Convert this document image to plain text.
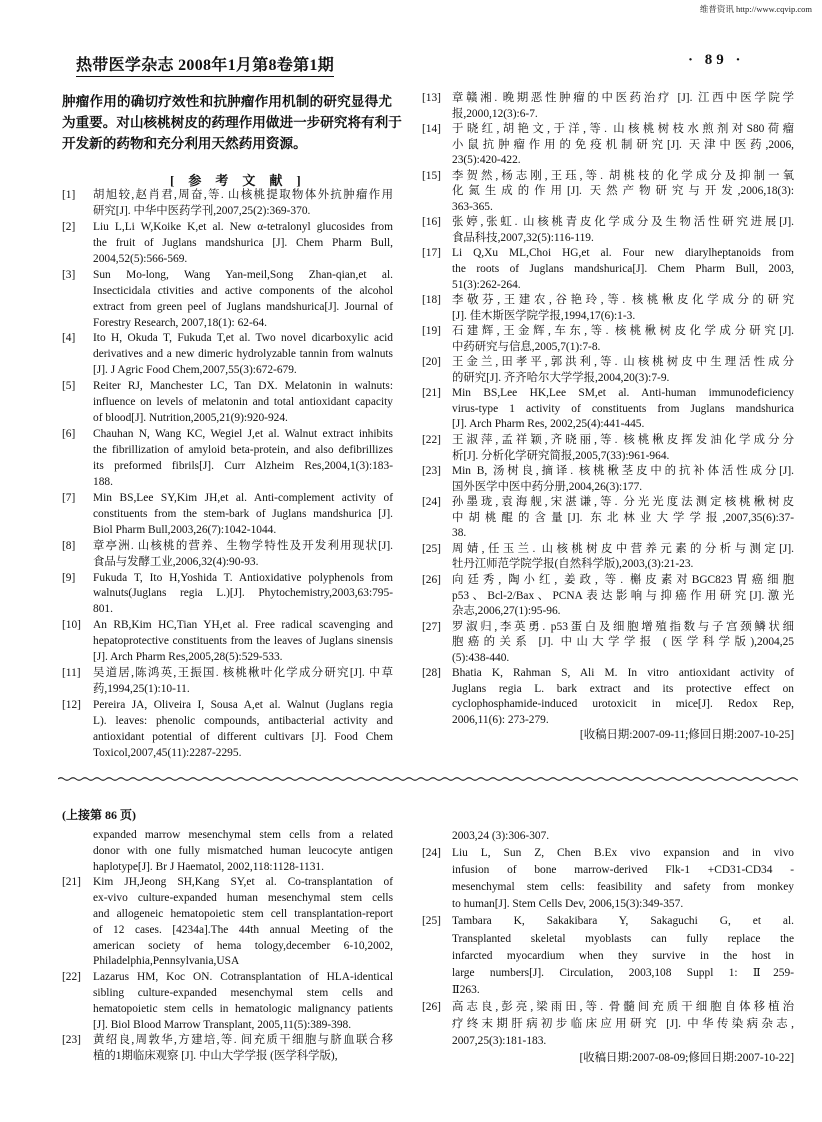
维普资讯 http://www.cqvip.com
热带医学杂志 2008年1月第8卷第1期	· 89 ·
肿瘤作用的确切疗效性和抗肿瘤作用机制的研究显得尤
为重要。对山核桃树皮的药理作用做进一步研究将有利于
开发新的药物和充分利用天然药用资源。
[参考文献]
[1] 胡旭较,赵肖君,周奋,等. 山核桃提取物体外抗肿瘤作用
研究[J]. 中华中医药学刊,2007,25(2):369-370.
[2] Liu L,Li W,Koike K,et al. New α-tetralonyl glucosides from
the fruit of Juglans mandshurica [J]. Chem Pharm Bull,
2004,52(5):566-569.
[3] Sun Mo-long, Wang Yan-meil,Song Zhan-qian,et al.
Insecticidala ctivities and active components of the alcohol
extract from green peel of Juglans mandshurica[J]. Journal of
Forestry Research, 2007,18(1): 62-64.
[4] Ito H, Okuda T, Fukuda T,et al. Two novel dicarboxylic acid
derivatives and a new dimeric hydrolyzable tannin from walnuts
[J]. J Agric Food Chem,2007,55(3):672-679.
[5] Reiter RJ, Manchester LC, Tan DX. Melatonin in walnuts:
influence on levels of melatonin and total antioxidant capacity
of blood[J]. Nutrition,2005,21(9):920-924.
[6] Chauhan N, Wang KC, Wegiel J,et al. Walnut extract inhibits
the fibrillization of amyloid beta-protein, and also defibrillizes
its preformed fibrils[J]. Curr Alzheim Res,2004,1(3):183-
188.
[7] Min BS,Lee SY,Kim JH,et al. Anti-complement activity of
constituents from the stem-bark of Juglans mandshurica [J].
Biol Pharm Bull,2003,26(7):1042-1044.
[8] 章亭洲. 山核桃的营养、生物学特性及开发利用现状[J].
食品与发酵工业,2006,32(4):90-93.
[9] Fukuda T, Ito H,Yoshida T. Antioxidative polyphenols from
walnuts(Juglans regia L.)[J]. Phytochemistry,2003,63:795-
801.
[10] An RB,Kim HC,Tian YH,et al. Free radical scavenging and
hepatoprotective constituents from the leaves of Juglans sinensis
[J]. Arch Pharm Res,2005,28(5):529-533.
[11] 吴道居,陈鸿英,王振国. 核桃楸叶化学成分研究[J]. 中草
药,1994,25(1):10-11.
[12] Pereira JA, Oliveira I, Sousa A,et al. Walnut (Juglans regia
L). leaves: phenolic compounds, antibacterial activity and
antioxidant potential of different cultivars [J]. Food Chem
Toxicol,2007,45(11):2287-2295.
[13] 章赣湘. 晚期恶性肿瘤的中医药治疗 [J]. 江西中医学院学
报,2000,12(3):6-7.
[14] 于晓红,胡艳文,于洋,等. 山核桃树枝水煎剂对S80荷瘤
小鼠抗肿瘤作用的免疫机制研究[J]. 天津中医药,2006,
23(5):420-422.
[15] 李贺然,杨志刚,王珏,等. 胡桃枝的化学成分及抑制一氧
化氮生成的作用[J]. 天然产物研究与开发,2006,18(3):
363-365.
[16] 张婷,张虹. 山核桃青皮化学成分及生物活性研究进展[J].
食品科技,2007,32(5):116-119.
[17] Li Q,Xu ML,Choi HG,et al. Four new diarylheptanoids from
the roots of Juglans mandshurica[J]. Chem Pharm Bull, 2003,
51(3):262-264.
[18] 李敬芬,王建农,谷艳玲,等. 核桃楸皮化学成分的研究
[J]. 佳木斯医学院学报,1994,17(6):1-3.
[19] 石建辉,王金辉,车东,等. 核桃楸树皮化学成分研究[J].
中药研究与信息,2005,7(1):7-8.
[20] 王金兰,田孝平,郭洪利,等. 山核桃树皮中生理活性成分
的研究[J]. 齐齐哈尔大学学报,2004,20(3):7-9.
[21] Min BS,Lee HK,Lee SM,et al. Anti-human immunodeficiency
virus-type 1 activity of constituents from Juglans mandshurica
[J]. Arch Pharm Res, 2002,25(4):441-445.
[22] 王淑萍,孟祥颖,齐晓丽,等. 核桃楸皮挥发油化学成分分
析[J]. 分析化学研究简报,2005,7(33):961-964.
[23] Min B, 汤树良,摘译. 核桃楸茎皮中的抗补体活性成分[J].
国外医学中医中药分册,2004,26(3):177.
[24] 孙墨珑,袁海舰,宋湛谦,等. 分光光度法测定核桃楸树皮
中胡桃醌的含量[J]. 东北林业大学学报,2007,35(6):37-
38.
[25] 周婧,任玉兰. 山核桃树皮中营养元素的分析与测定[J].
牡丹江师范学院学报(自然科学版),2003,(3):21-23.
[26] 向廷秀, 陶小红, 姜政, 等. 槲皮素对BGC823胃癌细胞
p53、Bcl-2/Bax、PCNA表达影响与抑癌作用研究[J].激光
杂志,2006,27(1):95-96.
[27] 罗淑归,李英勇. p53蛋白及细胞增殖指数与子宫颈鳞状细
胞癌的关系 [J]. 中山大学学报 (医学科学版),2004,25
(5):438-440.
[28] Bhatia K, Rahman S, Ali M. In vitro antioxidant activity of
Juglans regia L. bark extract and its protective effect on
cyclophosphamide-induced urotoxicit in mice[J]. Redox Rep,
2006,11(6): 273-279.
[收稿日期:2007-09-11;修回日期:2007-10-25]
(上接第 86 页)
expanded marrow mesenchymal stem cells from a related
donor with one fully mismatched human leucocyte antigen
haplotype[J]. Br J Haematol, 2002,118:1128-1131.
[21] Kim JH,Jeong SH,Kang SY,et al. Co-transplantation of
ex-vivo culture-expanded human mesenchymal stem cells
and allogeneic hematopoietic stem cell transplantation-report
of 12 cases. [4234a].The 44th annual Meeting of the
american society of hema tology,december 6-10,2002,
Philadelphia,Pennsylvania,USA
[22] Lazarus HM, Koc ON. Cotransplantation of HLA-identical
sibling culture-expanded mesenchymal stem cells and
hematopoietic stem cells in hematologic malignancy patients
[J]. Biol Blood Marrow Transplant, 2005,11(5):389-398.
[23] 黄绍良,周敦华,方建培,等. 间充质干细胞与脐血联合移
植的1期临床观察 [J]. 中山大学学报 (医学科学版),
2003,24 (3):306-307.
[24] Liu L, Sun Z, Chen B.Ex vivo expansion and in vivo
infusion of bone marrow-derived Flk-1 +CD31-CD34 -
mesenchymal stem cells: feasibility and safety from monkey
to human[J]. Stem Cells Dev, 2006,15(3):349-357.
[25] Tambara K, Sakakibara Y, Sakaguchi G, et al.
Transplanted skeletal myoblasts can fully replace the
infarcted myocardium when they survive in the host in
large numbers[J]. Circulation, 2003,108 Suppl 1: Ⅱ259-
Ⅱ263.
[26] 高志良,彭亮,梁雨田,等. 骨髓间充质干细胞自体移植治
疗终末期肝病初步临床应用研究 [J]. 中华传染病杂志,
2007,25(3):181-183.
[收稿日期:2007-08-09;修回日期:2007-10-22]
